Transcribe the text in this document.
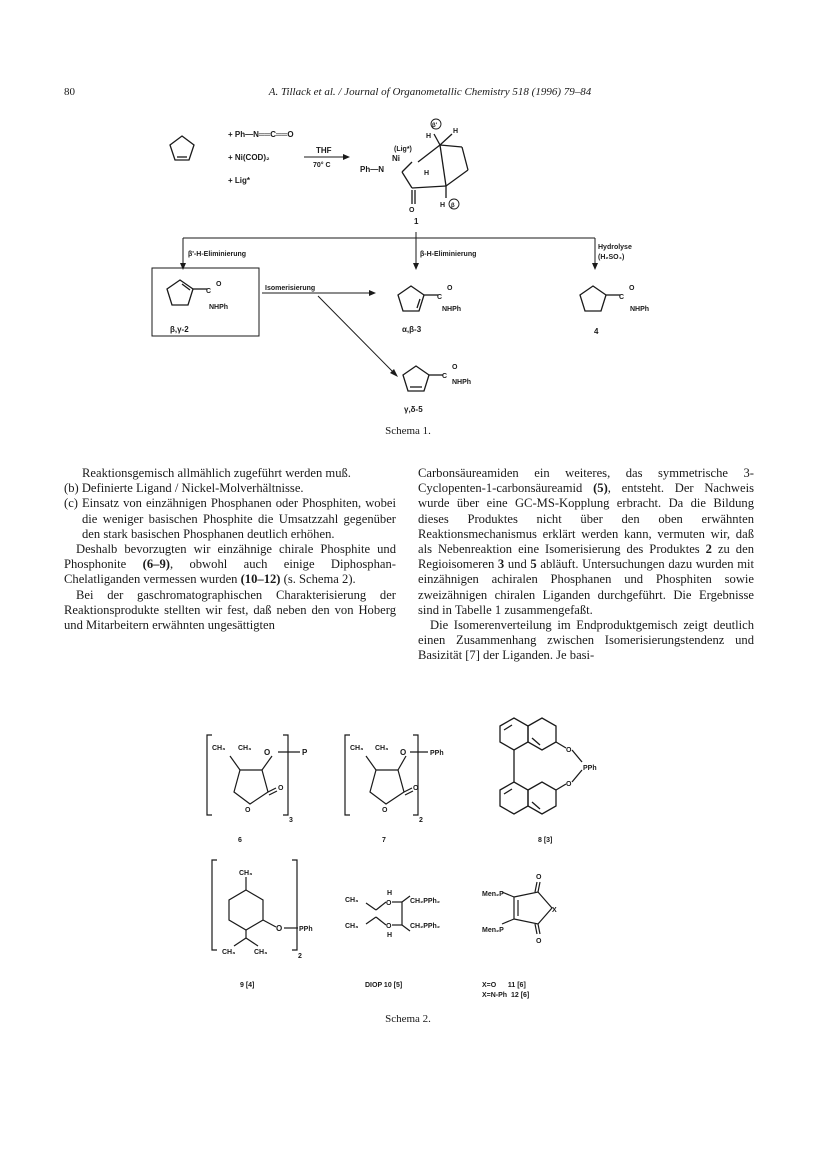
80	A. Tillack et al. / Journal of Organometallic Chemistry 518 (1996) 79–84
+ Ph—N══C══O
+ Ni(COD)₂
+ Lig*
THF
70° C
β'
H
H
(Lig*)
Ni
Ph—N	H
O
H β
1
β'-H-Eliminierung	β-H-Eliminierung
Hydrolyse
(H₂SO₄)
Isomerisierung
C
O
NHPh
β,γ-2
C
O
NHPh
α,β-3
C
O
NHPh
4
C
O
NHPh
γ,δ-5
Schema 1.

Reaktionsgemisch allmählich zugeführt werden muß.

(b) Definierte Ligand / Nickel-Molverhältnisse.

(c) Einsatz von einzähnigen Phosphanen oder Phosphiten, wobei die weniger basischen Phosphite die Umsatzzahl gegenüber den stark basischen Phosphanen deutlich erhöhen.

Deshalb bevorzugten wir einzähnige chirale Phosphite und Phosphonite (6–9), obwohl auch einige Diphosphan-Chelatliganden vermessen wurden (10–12) (s. Schema 2).

Bei der gaschromatographischen Charakterisierung der Reaktionsprodukte stellten wir fest, daß neben den von Hoberg und Mitarbeitern erwähnten ungesättigten

Carbonsäureamiden ein weiteres, das symmetrische 3-Cyclopenten-1-carbonsäureamid (5), entsteht. Der Nachweis wurde über eine GC-MS-Kopplung erbracht. Da die Bildung dieses Produktes nicht über den oben erwähnten Reaktionsmechanismus erklärt werden kann, vermuten wir, daß als Nebenreaktion eine Isomerisierung des Produktes 2 zu den Regioisomeren 3 und 5 abläuft. Untersuchungen dazu wurden mit einzähnigen achiralen Phosphanen und Phosphiten sowie zweizähnigen chiralen Liganden durchgeführt. Die Ergebnisse sind in Tabelle 1 zusammengefaßt.

Die Isomerenverteilung im Endproduktgemisch zeigt deutlich einen Zusammenhang zwischen Isomerisierungstendenz und Basizität [7] der Liganden. Je basi-

CH₃ CH₃ O	P
O
O
3
6
CH₃ CH₃ O	PPh
O
O
2
7
O
O
PPh
8 [3]
CH₃
O PPh
CH₃	CH₃
2
9 [4]
H
CH₃	O	CH₂PPh₂
CH₃	O	CH₂PPh₂
H
DIOP 10 [5]
Men₂P
Men₂P
X
O
O
X=O      11 [6]
X=N-Ph  12 [6]
Schema 2.
